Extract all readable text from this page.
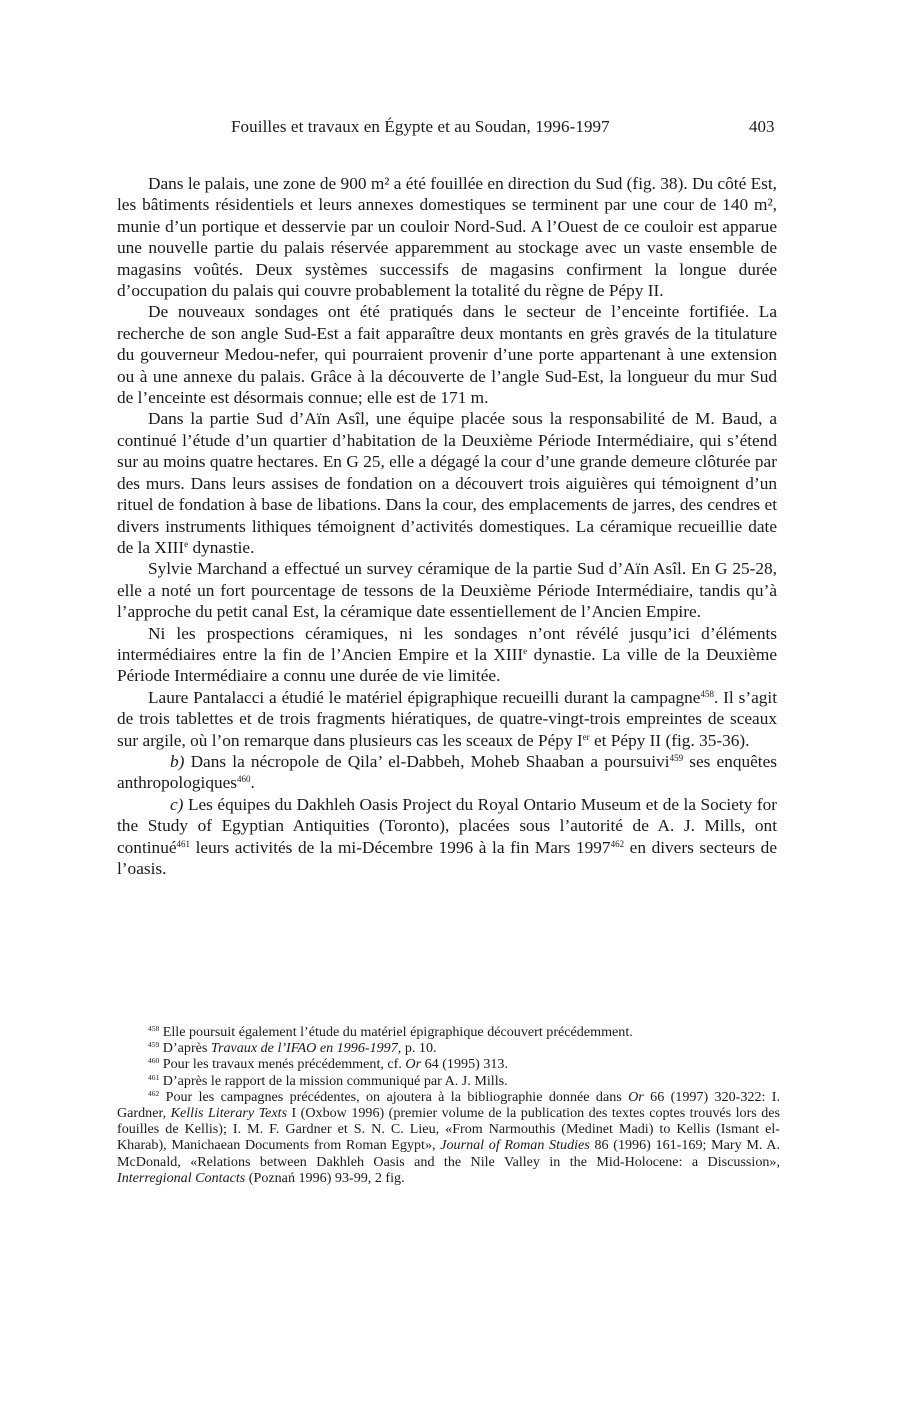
Fouilles et travaux en Égypte et au Soudan, 1996-1997	403

Dans le palais, une zone de 900 m² a été fouillée en direction du Sud (fig. 38). Du côté Est, les bâtiments résidentiels et leurs annexes domestiques se terminent par une cour de 140 m², munie d’un portique et desservie par un couloir Nord-Sud. A l’Ouest de ce couloir est apparue une nouvelle partie du palais réservée apparemment au stockage avec un vaste ensemble de magasins voûtés. Deux systèmes successifs de magasins confirment la longue durée d’occupation du palais qui couvre probablement la totalité du règne de Pépy II.

De nouveaux sondages ont été pratiqués dans le secteur de l’enceinte fortifiée. La recherche de son angle Sud-Est a fait apparaître deux montants en grès gravés de la titulature du gouverneur Medou-nefer, qui pourraient provenir d’une porte appartenant à une extension ou à une annexe du palais. Grâce à la découverte de l’angle Sud-Est, la longueur du mur Sud de l’enceinte est désormais connue; elle est de 171 m.

Dans la partie Sud d’Aïn Asîl, une équipe placée sous la responsabilité de M. Baud, a continué l’étude d’un quartier d’habitation de la Deuxième Période Intermédiaire, qui s’étend sur au moins quatre hectares. En G 25, elle a dégagé la cour d’une grande demeure clôturée par des murs. Dans leurs assises de fondation on a découvert trois aiguières qui témoignent d’un rituel de fondation à base de libations. Dans la cour, des emplacements de jarres, des cendres et divers instruments lithiques témoignent d’activités domestiques. La céramique recueillie date de la XIIIe dynastie.

Sylvie Marchand a effectué un survey céramique de la partie Sud d’Aïn Asîl. En G 25-28, elle a noté un fort pourcentage de tessons de la Deuxième Période Intermédiaire, tandis qu’à l’approche du petit canal Est, la céramique date essentiellement de l’Ancien Empire.

Ni les prospections céramiques, ni les sondages n’ont révélé jusqu’ici d’éléments intermédiaires entre la fin de l’Ancien Empire et la XIIIe dynastie. La ville de la Deuxième Période Intermédiaire a connu une durée de vie limitée.

Laure Pantalacci a étudié le matériel épigraphique recueilli durant la campagne$^{458}$. Il s’agit de trois tablettes et de trois fragments hiératiques, de quatre-vingt-trois empreintes de sceaux sur argile, où l’on remarque dans plusieurs cas les sceaux de Pépy Ier et Pépy II (fig. 35-36).

b) Dans la nécropole de Qila’ el-Dabbeh, Moheb Shaaban a poursuivi$^{459}$ ses enquêtes anthropologiques$^{460}$.

c) Les équipes du Dakhleh Oasis Project du Royal Ontario Museum et de la Society for the Study of Egyptian Antiquities (Toronto), placées sous l’autorité de A. J. Mills, ont continué$^{461}$ leurs activités de la mi-Décembre 1996 à la fin Mars 1997$^{462}$ en divers secteurs de l’oasis.

$^{458}$ Elle poursuit également l’étude du matériel épigraphique découvert précédemment.

$^{459}$ D’après Travaux de l’IFAO en 1996-1997, p. 10.

$^{460}$ Pour les travaux menés précédemment, cf. Or 64 (1995) 313.

$^{461}$ D’après le rapport de la mission communiqué par A. J. Mills.

$^{462}$ Pour les campagnes précédentes, on ajoutera à la bibliographie donnée dans Or 66 (1997) 320-322: I. Gardner, Kellis Literary Texts I (Oxbow 1996) (premier volume de la publication des textes coptes trouvés lors des fouilles de Kellis); I. M. F. Gardner et S. N. C. Lieu, «From Narmouthis (Medinet Madi) to Kellis (Ismant el-Kharab), Manichaean Documents from Roman Egypt», Journal of Roman Studies 86 (1996) 161-169; Mary M. A. McDonald, «Relations between Dakhleh Oasis and the Nile Valley in the Mid-Holocene: a Discussion», Interregional Contacts (Poznań 1996) 93-99, 2 fig.
